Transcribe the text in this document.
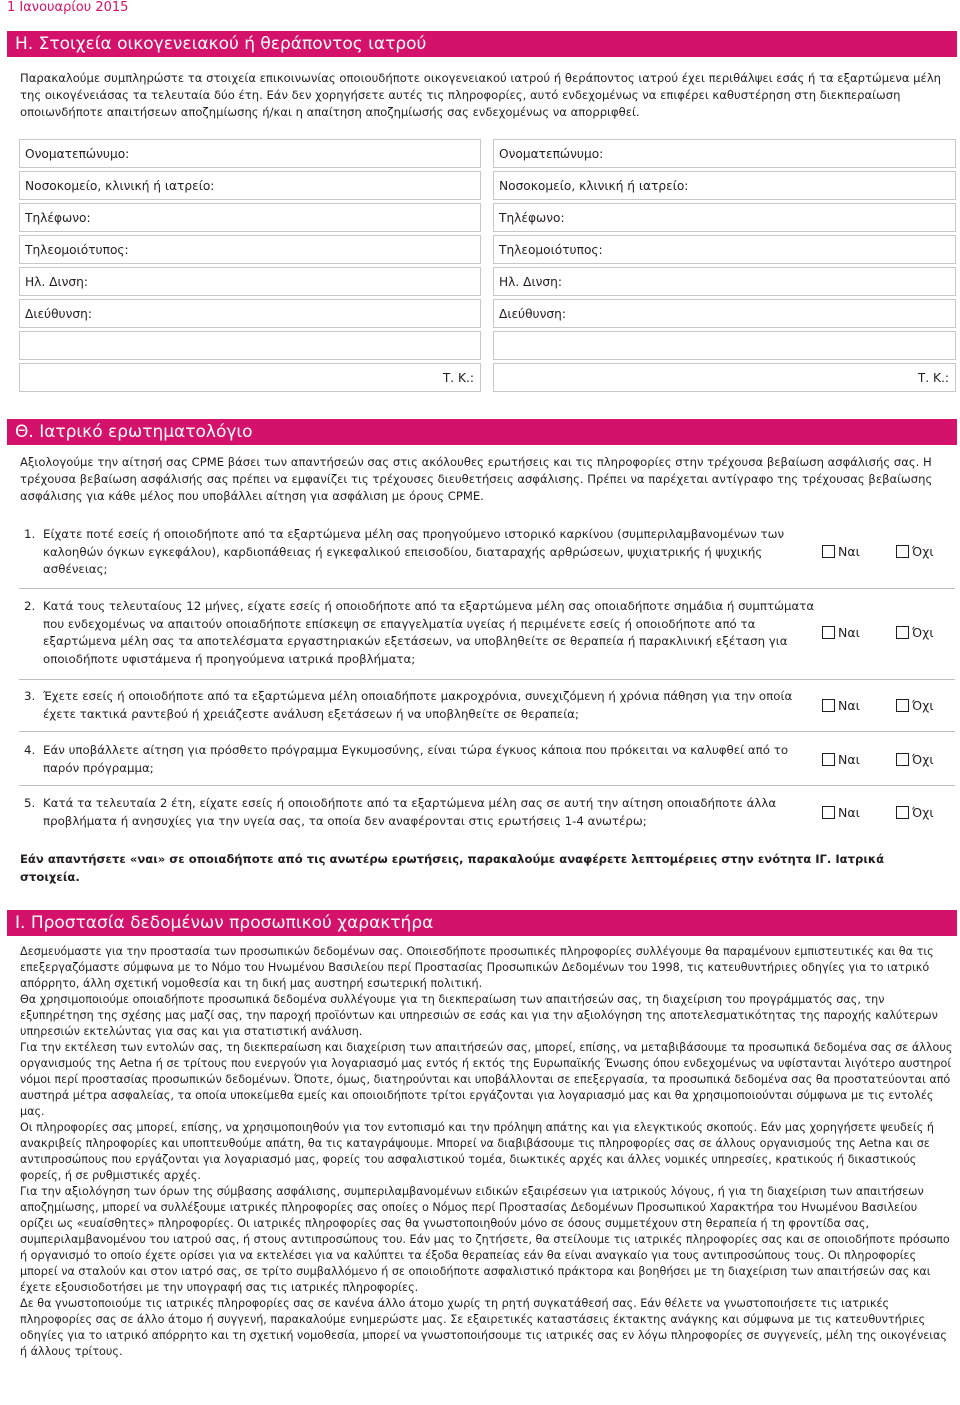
1 Ιανουαρίου 2015
Η. Στοιχεία οικογενειακού ή θεράποντος ιατρού
Παρακαλούμε συμπληρώστε τα στοιχεία επικοινωνίας οποιουδήποτε οικογενειακού ιατρού ή θεράποντος ιατρού έχει περιθάλψει εσάς ή τα εξαρτώμενα μέλη της οικογένειάσας τα τελευταία δύο έτη. Εάν δεν χορηγήσετε αυτές τις πληροφορίες, αυτό ενδεχομένως να επιφέρει καθυστέρηση στη διεκπεραίωση οποιωνδήποτε απαιτήσεων αποζημίωσης ή/και η απαίτηση αποζημίωσής σας ενδεχομένως να απορριφθεί.
Ονοματεπώνυμο:
Νοσοκομείο, κλινική ή ιατρείο:
Τηλέφωνο:
Τηλεομοιότυπος:
Ηλ. Δινση:
Διεύθυνση:
Τ. Κ.:
Ονοματεπώνυμο:
Νοσοκομείο, κλινική ή ιατρείο:
Τηλέφωνο:
Τηλεομοιότυπος:
Ηλ. Δινση:
Διεύθυνση:
Τ. Κ.:
Θ. Ιατρικό ερωτηματολόγιο
Αξιολογούμε την αίτησή σας CPME βάσει των απαντήσεών σας στις ακόλουθες ερωτήσεις και τις πληροφορίες στην τρέχουσα βεβαίωση ασφάλισής σας. Η τρέχουσα βεβαίωση ασφάλισής σας πρέπει να εμφανίζει τις τρέχουσες διευθετήσεις ασφάλισης. Πρέπει να παρέχεται αντίγραφο της τρέχουσας βεβαίωσης ασφάλισης για κάθε μέλος που υποβάλλει αίτηση για ασφάλιση με όρους CPME.
1. Είχατε ποτέ εσείς ή οποιοδήποτε από τα εξαρτώμενα μέλη σας προηγούμενο ιστορικό καρκίνου (συμπεριλαμβανομένων των καλοηθών όγκων εγκεφάλου), καρδιοπάθειας ή εγκεφαλικού επεισοδίου, διαταραχής αρθρώσεων, ψυχιατρικής ή ψυχικής ασθένειας;
Ναι	Όχι
2. Κατά τους τελευταίους 12 μήνες, είχατε εσείς ή οποιοδήποτε από τα εξαρτώμενα μέλη σας οποιαδήποτε σημάδια ή συμπτώματα που ενδεχομένως να απαιτούν οποιαδήποτε επίσκεψη σε επαγγελματία υγείας ή περιμένετε εσείς ή οποιοδήποτε από τα εξαρτώμενα μέλη σας τα αποτελέσματα εργαστηριακών εξετάσεων, να υποβληθείτε σε θεραπεία ή παρακλινική εξέταση για οποιοδήποτε υφιστάμενα ή προηγούμενα ιατρικά προβλήματα;
Ναι	Όχι
3. Έχετε εσείς ή οποιοδήποτε από τα εξαρτώμενα μέλη οποιαδήποτε μακροχρόνια, συνεχιζόμενη ή χρόνια πάθηση για την οποία έχετε τακτικά ραντεβού ή χρειάζεστε ανάλυση εξετάσεων ή να υποβληθείτε σε θεραπεία;
Ναι	Όχι
4. Εάν υποβάλλετε αίτηση για πρόσθετο πρόγραμμα Εγκυμοσύνης, είναι τώρα έγκυος κάποια που πρόκειται να καλυφθεί από το παρόν πρόγραμμα;
Ναι	Όχι
5. Κατά τα τελευταία 2 έτη, είχατε εσείς ή οποιοδήποτε από τα εξαρτώμενα μέλη σας σε αυτή την αίτηση οποιαδήποτε άλλα προβλήματα ή ανησυχίες για την υγεία σας, τα οποία δεν αναφέρονται στις ερωτήσεις 1-4 ανωτέρω;
Ναι	Όχι
Εάν απαντήσετε «ναι» σε οποιαδήποτε από τις ανωτέρω ερωτήσεις, παρακαλούμε αναφέρετε λεπτομέρειες στην ενότητα ΙΓ. Ιατρικά στοιχεία.
Ι. Προστασία δεδομένων προσωπικού χαρακτήρα

Δεσμευόμαστε για την προστασία των προσωπικών δεδομένων σας. Οποιεσδήποτε προσωπικές πληροφορίες συλλέγουμε θα παραμένουν εμπιστευτικές και θα τις επεξεργαζόμαστε σύμφωνα με το Νόμο του Ηνωμένου Βασιλείου περί Προστασίας Προσωπικών Δεδομένων του 1998, τις κατευθυντήριες οδηγίες για το ιατρικό απόρρητο, άλλη σχετική νομοθεσία και τη δική μας αυστηρή εσωτερική πολιτική.

Θα χρησιμοποιούμε οποιαδήποτε προσωπικά δεδομένα συλλέγουμε για τη διεκπεραίωση των απαιτήσεών σας, τη διαχείριση του προγράμματός σας, την εξυπηρέτηση της σχέσης μας μαζί σας, την παροχή προϊόντων και υπηρεσιών σε εσάς και για την αξιολόγηση της αποτελεσματικότητας της παροχής καλύτερων υπηρεσιών εκτελώντας για σας και για στατιστική ανάλυση.

Για την εκτέλεση των εντολών σας, τη διεκπεραίωση και διαχείριση των απαιτήσεών σας, μπορεί, επίσης, να μεταβιβάσουμε τα προσωπικά δεδομένα σας σε άλλους οργανισμούς της Aetna ή σε τρίτους που ενεργούν για λογαριασμό μας εντός ή εκτός της Ευρωπαϊκής Ένωσης όπου ενδεχομένως να υφίστανται λιγότερο αυστηροί νόμοι περί προστασίας προσωπικών δεδομένων. Όποτε, όμως, διατηρούνται και υποβάλλονται σε επεξεργασία, τα προσωπικά δεδομένα σας θα προστατεύονται από αυστηρά μέτρα ασφαλείας, τα οποία υποκείμεθα εμείς και οποιοιδήποτε τρίτοι εργάζονται για λογαριασμό μας και θα χρησιμοποιούνται σύμφωνα με τις εντολές μας.

Οι πληροφορίες σας μπορεί, επίσης, να χρησιμοποιηθούν για τον εντοπισμό και την πρόληψη απάτης και για ελεγκτικούς σκοπούς. Εάν μας χορηγήσετε ψευδείς ή ανακριβείς πληροφορίες και υποπτευθούμε απάτη, θα τις καταγράψουμε. Μπορεί να διαβιβάσουμε τις πληροφορίες σας σε άλλους οργανισμούς της Aetna και σε αντιπροσώπους που εργάζονται για λογαριασμό μας, φορείς του ασφαλιστικού τομέα, διωκτικές αρχές και άλλες νομικές υπηρεσίες, κρατικούς ή δικαστικούς φορείς, ή σε ρυθμιστικές αρχές.

Για την αξιολόγηση των όρων της σύμβασης ασφάλισης, συμπεριλαμβανομένων ειδικών εξαιρέσεων για ιατρικούς λόγους, ή για τη διαχείριση των απαιτήσεων αποζημίωσης, μπορεί να συλλέξουμε ιατρικές πληροφορίες σας οποίες ο Νόμος περί Προστασίας Δεδομένων Προσωπικού Χαρακτήρα του Ηνωμένου Βασιλείου ορίζει ως «ευαίσθητες» πληροφορίες. Οι ιατρικές πληροφορίες σας θα γνωστοποιηθούν μόνο σε όσους συμμετέχουν στη θεραπεία ή τη φροντίδα σας, συμπεριλαμβανομένου του ιατρού σας, ή στους αντιπροσώπους του. Εάν μας το ζητήσετε, θα στείλουμε τις ιατρικές πληροφορίες σας και σε οποιοδήποτε πρόσωπο ή οργανισμό το οποίο έχετε ορίσει για να εκτελέσει για να καλύπτει τα έξοδα θεραπείας εάν θα είναι αναγκαίο για τους αντιπροσώπους τους. Οι πληροφορίες μπορεί να σταλούν και στον ιατρό σας, σε τρίτο συμβαλλόμενο ή σε οποιοδήποτε ασφαλιστικό πράκτορα και βοηθήσει με τη διαχείριση των απαιτήσεών σας και έχετε εξουσιοδοτήσει με την υπογραφή σας τις ιατρικές πληροφορίες.

Δε θα γνωστοποιούμε τις ιατρικές πληροφορίες σας σε κανένα άλλο άτομο χωρίς τη ρητή συγκατάθεσή σας. Εάν θέλετε να γνωστοποιήσετε τις ιατρικές πληροφορίες σας σε άλλο άτομο ή συγγενή, παρακαλούμε ενημερώστε μας. Σε εξαιρετικές καταστάσεις έκτακτης ανάγκης και σύμφωνα με τις κατευθυντήριες οδηγίες για το ιατρικό απόρρητο και τη σχετική νομοθεσία, μπορεί να γνωστοποιήσουμε τις ιατρικές σας εν λόγω πληροφορίες σε συγγενείς, μέλη της οικογένειας ή άλλους τρίτους.
